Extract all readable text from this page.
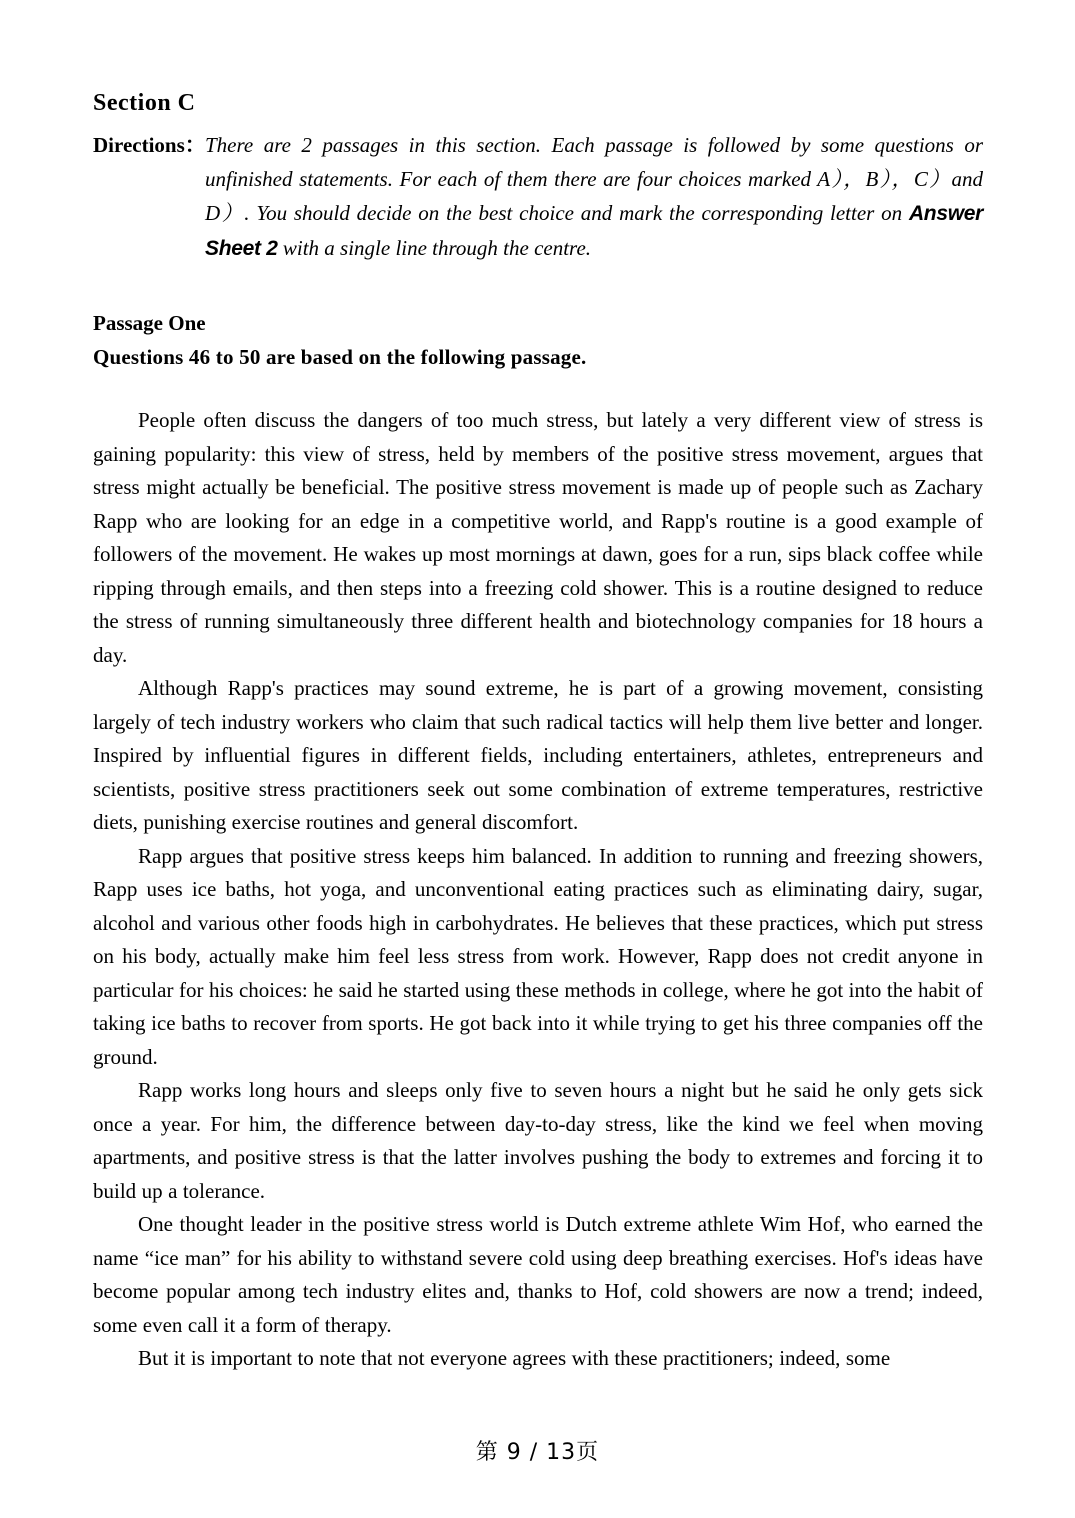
Section C
Directions： There are 2 passages in this section. Each passage is followed by some questions or unfinished statements. For each of them there are four choices marked A），B），C）and D）. You should decide on the best choice and mark the corresponding letter on Answer Sheet 2 with a single line through the centre.
Passage One
Questions 46 to 50 are based on the following passage.

People often discuss the dangers of too much stress, but lately a very different view of stress is gaining popularity: this view of stress, held by members of the positive stress movement, argues that stress might actually be beneficial. The positive stress movement is made up of people such as Zachary Rapp who are looking for an edge in a competitive world, and Rapp's routine is a good example of followers of the movement. He wakes up most mornings at dawn, goes for a run, sips black coffee while ripping through emails, and then steps into a freezing cold shower. This is a routine designed to reduce the stress of running simultaneously three different health and biotechnology companies for 18 hours a day.

Although Rapp's practices may sound extreme, he is part of a growing movement, consisting largely of tech industry workers who claim that such radical tactics will help them live better and longer. Inspired by influential figures in different fields, including entertainers, athletes, entrepreneurs and scientists, positive stress practitioners seek out some combination of extreme temperatures, restrictive diets, punishing exercise routines and general discomfort.

Rapp argues that positive stress keeps him balanced. In addition to running and freezing showers, Rapp uses ice baths, hot yoga, and unconventional eating practices such as eliminating dairy, sugar, alcohol and various other foods high in carbohydrates. He believes that these practices, which put stress on his body, actually make him feel less stress from work. However, Rapp does not credit anyone in particular for his choices: he said he started using these methods in college, where he got into the habit of taking ice baths to recover from sports. He got back into it while trying to get his three companies off the ground.

Rapp works long hours and sleeps only five to seven hours a night but he said he only gets sick once a year. For him, the difference between day-to-day stress, like the kind we feel when moving apartments, and positive stress is that the latter involves pushing the body to extremes and forcing it to build up a tolerance.

One thought leader in the positive stress world is Dutch extreme athlete Wim Hof, who earned the name “ice man” for his ability to withstand severe cold using deep breathing exercises. Hof's ideas have become popular among tech industry elites and, thanks to Hof, cold showers are now a trend; indeed, some even call it a form of therapy.

But it is important to note that not everyone agrees with these practitioners; indeed, some

第 9 / 13页
